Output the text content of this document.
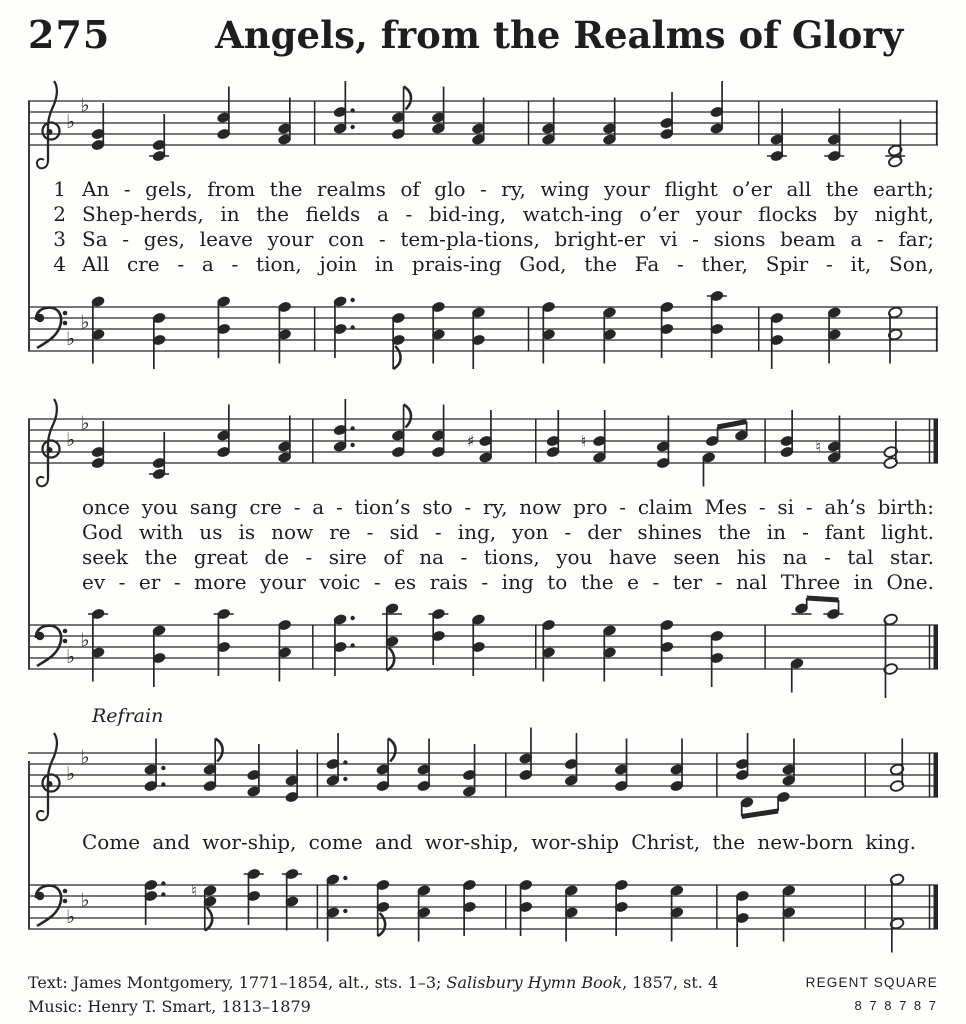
275	Angels, from the Realms of Glory
♭
♭
1 An - gels, from the realms of glo - ry, wing your flight o’er all the earth;
2 Shep-herds, in the fields a - bid-ing, watch-ing o’er your flocks by night,
3 Sa - ges, leave your con - tem-pla-tions, bright-er vi - sions beam a - far;
4 All cre - a - tion, join in prais-ing God, the Fa - ther, Spir - it, Son,
♭
♭
♭
♭
♯	♮	♮
once you sang cre - a - tion’s sto - ry, now pro - claim Mes - si - ah’s birth:
God with us is now re - sid - ing, yon - der shines the in - fant light.
seek the great de - sire of na - tions, you have seen his na - tal star.
ev - er - more your voic - es rais - ing to the e - ter - nal Three in One.
♭
♭
Refrain
♭
♭
Come and wor-ship, come and wor-ship, wor-ship Christ, the new-born king.
♭
♭	♮
Text: James Montgomery, 1771–1854, alt., sts. 1–3; Salisbury Hymn Book, 1857, st. 4
Music: Henry T. Smart, 1813–1879
REGENT SQUARE
8 7 8 7 8 7
